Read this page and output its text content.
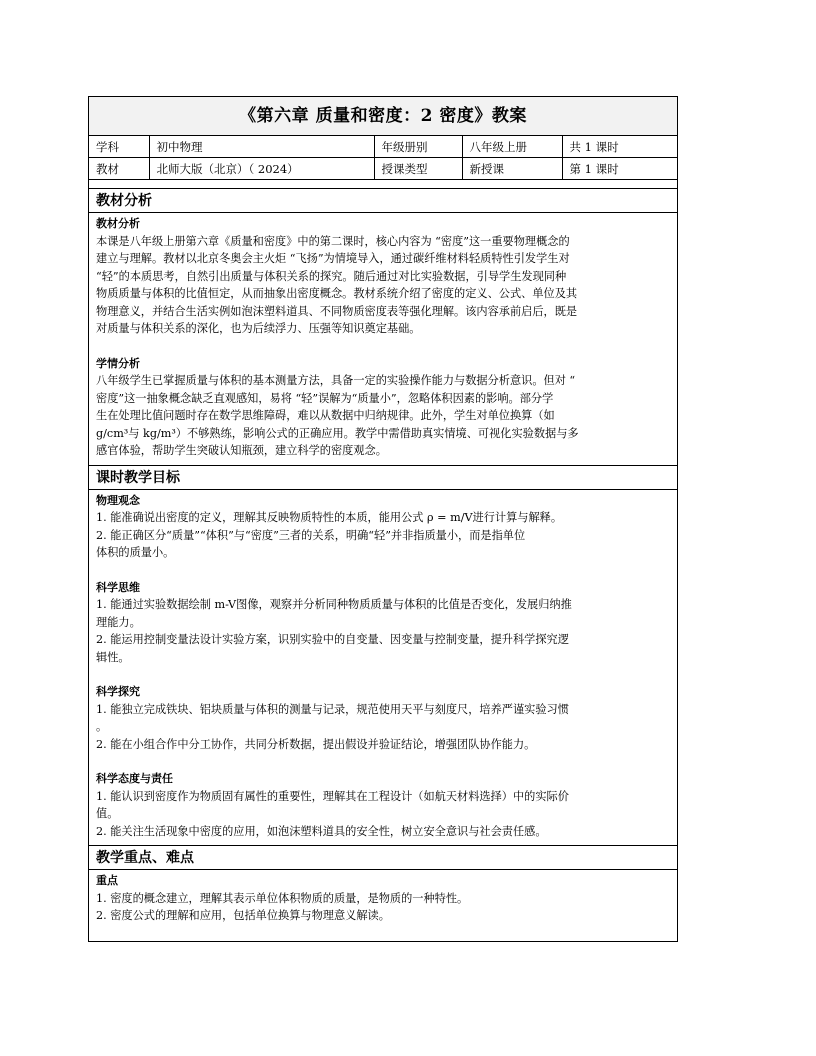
《第六章 质量和密度：2 密度》教案
学科	初中物理	年级册别	八年级上册	共 1 课时
教材	北师大版（北京）（ 2024）	授课类型	新授课	第 1 课时
教材分析
教材分析
本课是八年级上册第六章《质量和密度》中的第二课时，核心内容为 “密度”这一重要物理概念的
建立与理解。教材以北京冬奥会主火炬 “飞扬”为情境导入，通过碳纤维材料轻质特性引发学生对
“轻”的本质思考，自然引出质量与体积关系的探究。随后通过对比实验数据，引导学生发现同种
物质质量与体积的比值恒定，从而抽象出密度概念。教材系统介绍了密度的定义、公式、单位及其
物理意义，并结合生活实例如泡沫塑料道具、不同物质密度表等强化理解。该内容承前启后，既是
对质量与体积关系的深化，也为后续浮力、压强等知识奠定基础。
学情分析
八年级学生已掌握质量与体积的基本测量方法，具备一定的实验操作能力与数据分析意识。但对 “
密度”这一抽象概念缺乏直观感知，易将 “轻”误解为“质量小”，忽略体积因素的影响。部分学
生在处理比值问题时存在数学思维障碍，难以从数据中归纳规律。此外，学生对单位换算（如
g/cm³与 kg/m³）不够熟练，影响公式的正确应用。教学中需借助真实情境、可视化实验数据与多
感官体验，帮助学生突破认知瓶颈，建立科学的密度观念。
课时教学目标
物理观念
1. 能准确说出密度的定义，理解其反映物质特性的本质，能用公式 ρ = m/V进行计算与解释。
2. 能正确区分“质量”“体积”与“密度”三者的关系，明确“轻”并非指质量小，而是指单位
体积的质量小。
科学思维
1. 能通过实验数据绘制 m-V图像，观察并分析同种物质质量与体积的比值是否变化，发展归纳推
理能力。
2. 能运用控制变量法设计实验方案，识别实验中的自变量、因变量与控制变量，提升科学探究逻
辑性。
科学探究
1. 能独立完成铁块、铝块质量与体积的测量与记录，规范使用天平与刻度尺，培养严谨实验习惯
。
2. 能在小组合作中分工协作，共同分析数据，提出假设并验证结论，增强团队协作能力。
科学态度与责任
1. 能认识到密度作为物质固有属性的重要性，理解其在工程设计（如航天材料选择）中的实际价
值。
2. 能关注生活现象中密度的应用，如泡沫塑料道具的安全性，树立安全意识与社会责任感。
教学重点、难点
重点
1. 密度的概念建立，理解其表示单位体积物质的质量，是物质的一种特性。
2. 密度公式的理解和应用，包括单位换算与物理意义解读。
